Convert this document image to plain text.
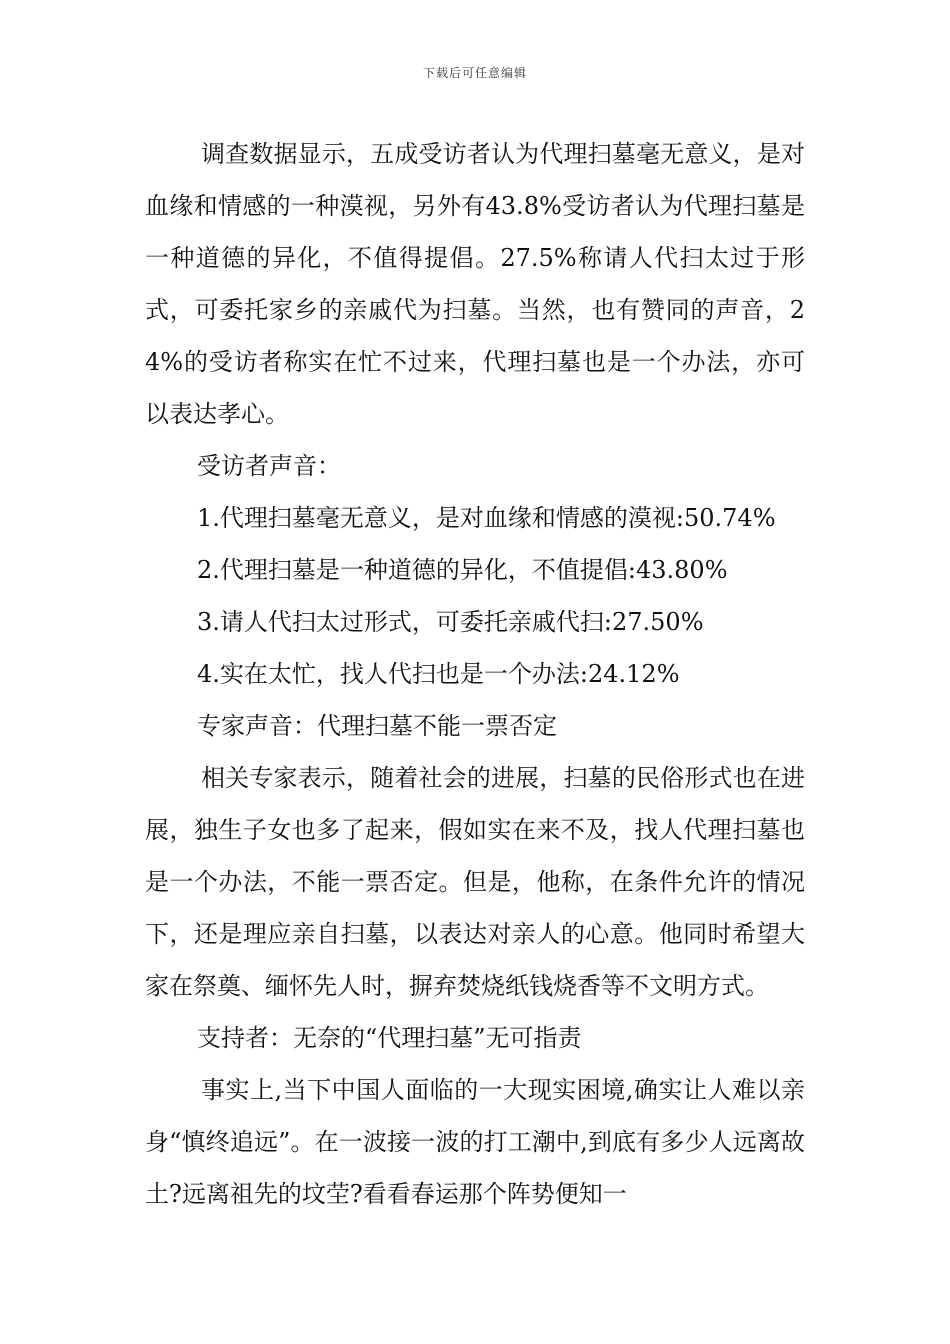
下载后可任意编辑

调查数据显示，五成受访者认为代理扫墓毫无意义，是对血缘和情感的一种漠视，另外有43.8%受访者认为代理扫墓是一种道德的异化，不值得提倡。27.5%称请人代扫太过于形式，可委托家乡的亲戚代为扫墓。当然，也有赞同的声音，24%的受访者称实在忙不过来，代理扫墓也是一个办法，亦可以表达孝心。

受访者声音：

1.代理扫墓毫无意义，是对血缘和情感的漠视:50.74%

2.代理扫墓是一种道德的异化，不值提倡:43.80%

3.请人代扫太过形式，可委托亲戚代扫:27.50%

4.实在太忙，找人代扫也是一个办法:24.12%

专家声音：代理扫墓不能一票否定

相关专家表示，随着社会的进展，扫墓的民俗形式也在进展，独生子女也多了起来，假如实在来不及，找人代理扫墓也是一个办法，不能一票否定。但是，他称，在条件允许的情况下，还是理应亲自扫墓，以表达对亲人的心意。他同时希望大家在祭奠、缅怀先人时，摒弃焚烧纸钱烧香等不文明方式。

支持者：无奈的“代理扫墓”无可指责

事实上,当下中国人面临的一大现实困境,确实让人难以亲身“慎终追远”。在一波接一波的打工潮中,到底有多少人远离故土?远离祖先的坟茔?看看春运那个阵势便知一
